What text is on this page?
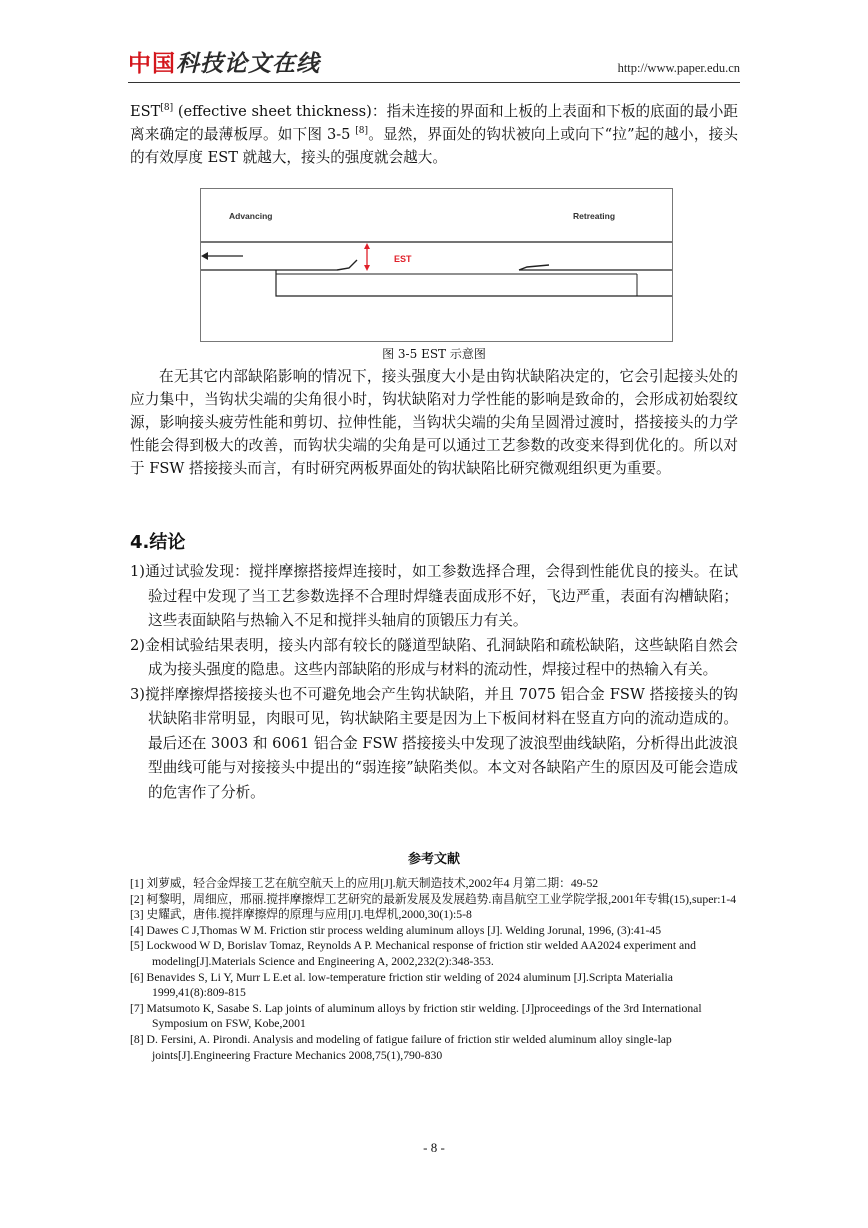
中国科技论文在线	http://www.paper.edu.cn

EST[8] (effective sheet thickness)：指未连接的界面和上板的上表面和下板的底面的最小距离来确定的最薄板厚。如下图 3-5 [8]。显然，界面处的钩状被向上或向下“拉”起的越小，接头的有效厚度 EST 就越大，接头的强度就会越大。

Advancing	Retreating
EST
图 3-5 EST 示意图

在无其它内部缺陷影响的情况下，接头强度大小是由钩状缺陷决定的，它会引起接头处的应力集中，当钩状尖端的尖角很小时，钩状缺陷对力学性能的影响是致命的，会形成初始裂纹源，影响接头疲劳性能和剪切、拉伸性能，当钩状尖端的尖角呈圆滑过渡时，搭接接头的力学性能会得到极大的改善，而钩状尖端的尖角是可以通过工艺参数的改变来得到优化的。所以对于 FSW 搭接接头而言，有时研究两板界面处的钩状缺陷比研究微观组织更为重要。

4.结论
1)通过试验发现：搅拌摩擦搭接焊连接时，如工参数选择合理，会得到性能优良的接头。在试验过程中发现了当工艺参数选择不合理时焊缝表面成形不好，飞边严重，表面有沟槽缺陷；这些表面缺陷与热输入不足和搅拌头轴肩的顶锻压力有关。
2)金相试验结果表明，接头内部有较长的隧道型缺陷、孔洞缺陷和疏松缺陷，这些缺陷自然会成为接头强度的隐患。这些内部缺陷的形成与材料的流动性，焊接过程中的热输入有关。
3)搅拌摩擦焊搭接接头也不可避免地会产生钩状缺陷，并且 7075 铝合金 FSW 搭接接头的钩状缺陷非常明显，肉眼可见，钩状缺陷主要是因为上下板间材料在竖直方向的流动造成的。最后还在 3003 和 6061 铝合金 FSW 搭接接头中发现了波浪型曲线缺陷，分析得出此波浪型曲线可能与对接接头中提出的“弱连接”缺陷类似。本文对各缺陷产生的原因及可能会造成的危害作了分析。
参考文献
[1] 刘萝威，轻合金焊接工艺在航空航天上的应用[J].航天制造技术,2002年4 月第二期：49-52
[2] 柯黎明，周细应，邢丽.搅拌摩擦焊工艺研究的最新发展及发展趋势.南昌航空工业学院学报,2001年专辑(15),super:1-4
[3] 史耀武，唐伟.搅拌摩擦焊的原理与应用[J].电焊机,2000,30(1):5-8
[4] Dawes C J,Thomas W M. Friction stir process welding aluminum alloys [J]. Welding Jorunal, 1996, (3):41-45
[5] Lockwood W D, Borislav Tomaz, Reynolds A P. Mechanical response of friction stir welded AA2024 experiment and modeling[J].Materials Science and Engineering A, 2002,232(2):348-353.
[6] Benavides S, Li Y, Murr L E.et al. low-temperature friction stir welding of 2024 aluminum [J].Scripta Materialia 1999,41(8):809-815
[7] Matsumoto K, Sasabe S. Lap joints of aluminum alloys by friction stir welding. [J]proceedings of the 3rd International Symposium on FSW, Kobe,2001
[8] D. Fersini, A. Pirondi. Analysis and modeling of fatigue failure of friction stir welded aluminum alloy single-lap joints[J].Engineering Fracture Mechanics 2008,75(1),790-830
- 8 -
